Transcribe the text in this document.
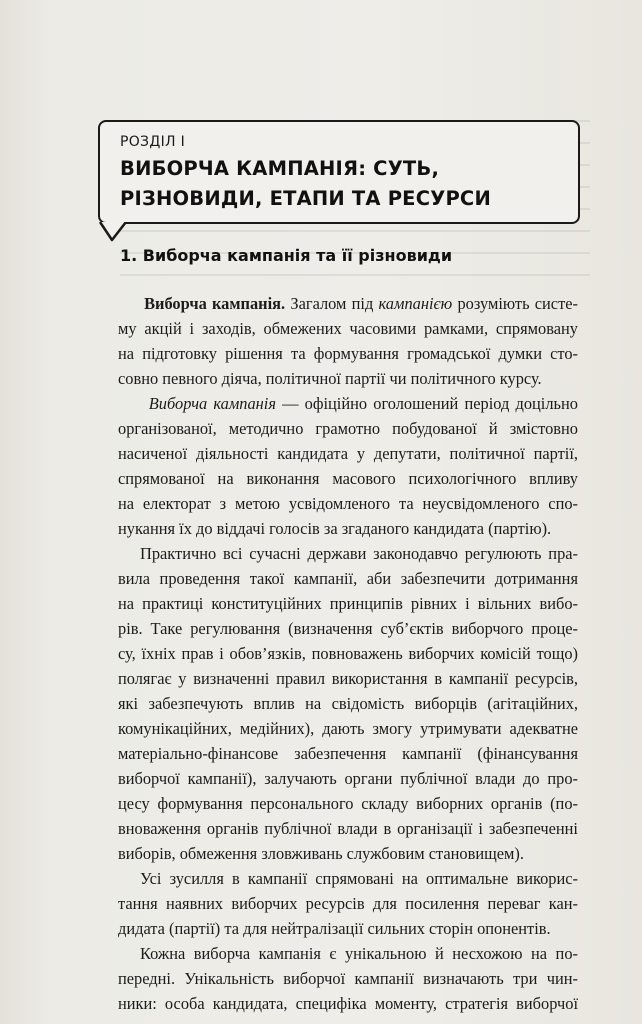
РОЗДІЛ І
ВИБОРЧА КАМПАНІЯ: СУТЬ,
РІЗНОВИДИ, ЕТАПИ ТА РЕСУРСИ
1. Виборча кампанія та її різновиди
Виборча кампанія. Загалом під кампанією розуміють систе-
му акцій і заходів, обмежених часовими рамками, спрямовану
на підготовку рішення та формування громадської думки сто-
совно певного діяча, політичної партії чи політичного курсу.
Виборча кампанія — офіційно оголошений період доцільно
організованої, методично грамотно побудованої й змістовно
насиченої діяльності кандидата у депутати, політичної партії,
спрямованої на виконання масового психологічного впливу
на електорат з метою усвідомленого та неусвідомленого спо-
нукання їх до віддачі голосів за згаданого кандидата (партію).
Практично всі сучасні держави законодавчо регулюють пра-
вила проведення такої кампанії, аби забезпечити дотримання
на практиці конституційних принципів рівних і вільних вибо-
рів. Таке регулювання (визначення суб’єктів виборчого проце-
су, їхніх прав і обов’язків, повноважень виборчих комісій тощо)
полягає у визначенні правил використання в кампанії ресурсів,
які забезпечують вплив на свідомість виборців (агітаційних,
комунікаційних, медійних), дають змогу утримувати адекватне
матеріально-фінансове забезпечення кампанії (фінансування
виборчої кампанії), залучають органи публічної влади до про-
цесу формування персонального складу виборних органів (по-
вноваження органів публічної влади в організації і забезпеченні
виборів, обмеження зловживань службовим становищем).
Усі зусилля в кампанії спрямовані на оптимальне викорис-
тання наявних виборчих ресурсів для посилення переваг кан-
дидата (партії) та для нейтралізації сильних сторін опонентів.
Кожна виборча кампанія є унікальною й несхожою на по-
передні. Унікальність виборчої кампанії визначають три чин-
ники: особа кандидата, специфіка моменту, стратегія виборчої
